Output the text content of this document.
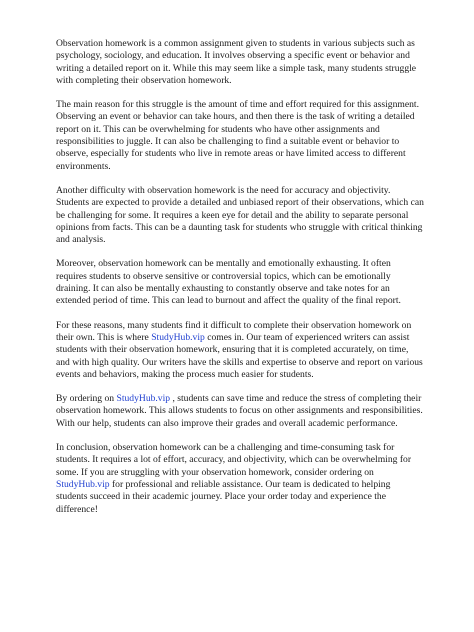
Observation homework is a common assignment given to students in various subjects such as psychology, sociology, and education. It involves observing a specific event or behavior and writing a detailed report on it. While this may seem like a simple task, many students struggle with completing their observation homework.

The main reason for this struggle is the amount of time and effort required for this assignment. Observing an event or behavior can take hours, and then there is the task of writing a detailed report on it. This can be overwhelming for students who have other assignments and responsibilities to juggle. It can also be challenging to find a suitable event or behavior to observe, especially for students who live in remote areas or have limited access to different environments.

Another difficulty with observation homework is the need for accuracy and objectivity. Students are expected to provide a detailed and unbiased report of their observations, which can be challenging for some. It requires a keen eye for detail and the ability to separate personal opinions from facts. This can be a daunting task for students who struggle with critical thinking and analysis.

Moreover, observation homework can be mentally and emotionally exhausting. It often requires students to observe sensitive or controversial topics, which can be emotionally draining. It can also be mentally exhausting to constantly observe and take notes for an extended period of time. This can lead to burnout and affect the quality of the final report.

For these reasons, many students find it difficult to complete their observation homework on their own. This is where StudyHub.vip comes in. Our team of experienced writers can assist students with their observation homework, ensuring that it is completed accurately, on time, and with high quality. Our writers have the skills and expertise to observe and report on various events and behaviors, making the process much easier for students.

By ordering on StudyHub.vip , students can save time and reduce the stress of completing their observation homework. This allows students to focus on other assignments and responsibilities. With our help, students can also improve their grades and overall academic performance.

In conclusion, observation homework can be a challenging and time-consuming task for students. It requires a lot of effort, accuracy, and objectivity, which can be overwhelming for some. If you are struggling with your observation homework, consider ordering on StudyHub.vip for professional and reliable assistance. Our team is dedicated to helping students succeed in their academic journey. Place your order today and experience the difference!
